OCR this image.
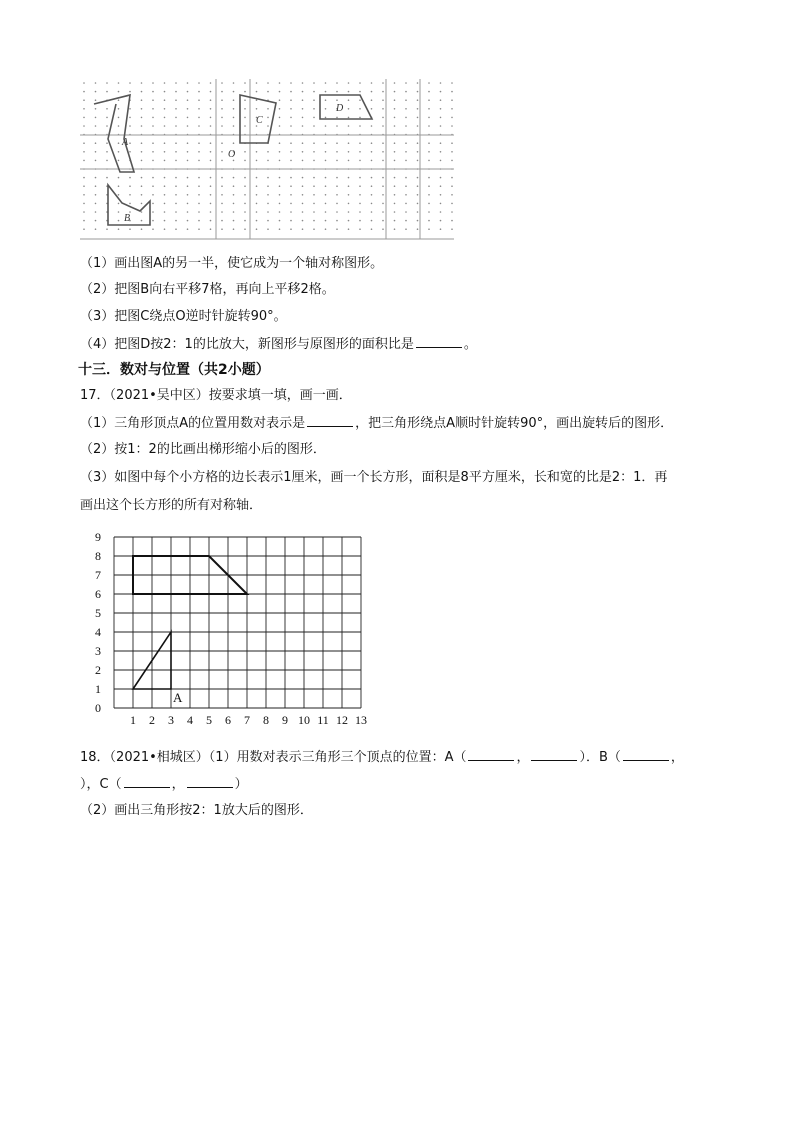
A
B
C
D
O
（1）画出图A的另一半，使它成为一个轴对称图形。
（2）把图B向右平移7格，再向上平移2格。
（3）把图C绕点O逆时针旋转90°。
（4）把图D按2：1的比放大，新图形与原图形的面积比是	。
十三．数对与位置（共2小题）
17．（2021•吴中区）按要求填一填，画一画．
（1）三角形顶点A的位置用数对表示是	，把三角形绕点A顺时针旋转90°，画出旋转后的图形．
（2）按1：2的比画出梯形缩小后的图形．
（3）如图中每个小方格的边长表示1厘米，画一个长方形，面积是8平方厘米，长和宽的比是2：1．再
画出这个长方形的所有对称轴．
1 2 3 4 5 6 7 8 9 10 11 12 13
0
1
2
3
4
5
6
7
8
9
A
18．（2021•相城区）（1）用数对表示三角形三个顶点的位置：A（	，	）．B（	，
），C（	，	）
（2）画出三角形按2：1放大后的图形．
